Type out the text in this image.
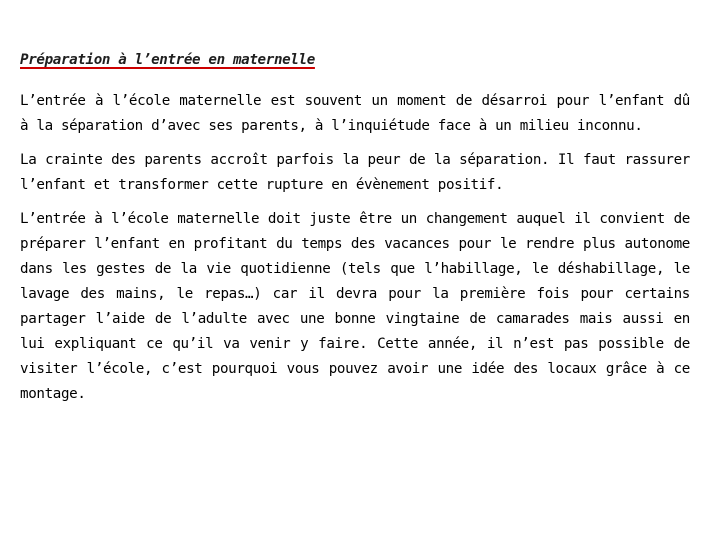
Préparation à l’entrée en maternelle

L’entrée à l’école maternelle est souvent un moment de désarroi pour l’enfant dû à la séparation d’avec ses parents, à l’inquiétude face à un milieu inconnu.

La crainte des parents accroît parfois la peur de la séparation. Il faut rassurer l’enfant et transformer cette rupture en évènement positif.

L’entrée à l’école maternelle doit juste être un changement auquel il convient de préparer l’enfant en profitant du temps des vacances pour le rendre plus autonome dans les gestes de la vie quotidienne (tels que l’habillage, le déshabillage, le lavage des mains, le repas…) car il devra pour la première fois pour certains partager l’aide de l’adulte avec une bonne vingtaine de camarades mais aussi en lui expliquant ce qu’il va venir y faire. Cette année, il n’est pas possible de visiter l’école, c’est pourquoi vous pouvez avoir une idée des locaux grâce à ce montage.
